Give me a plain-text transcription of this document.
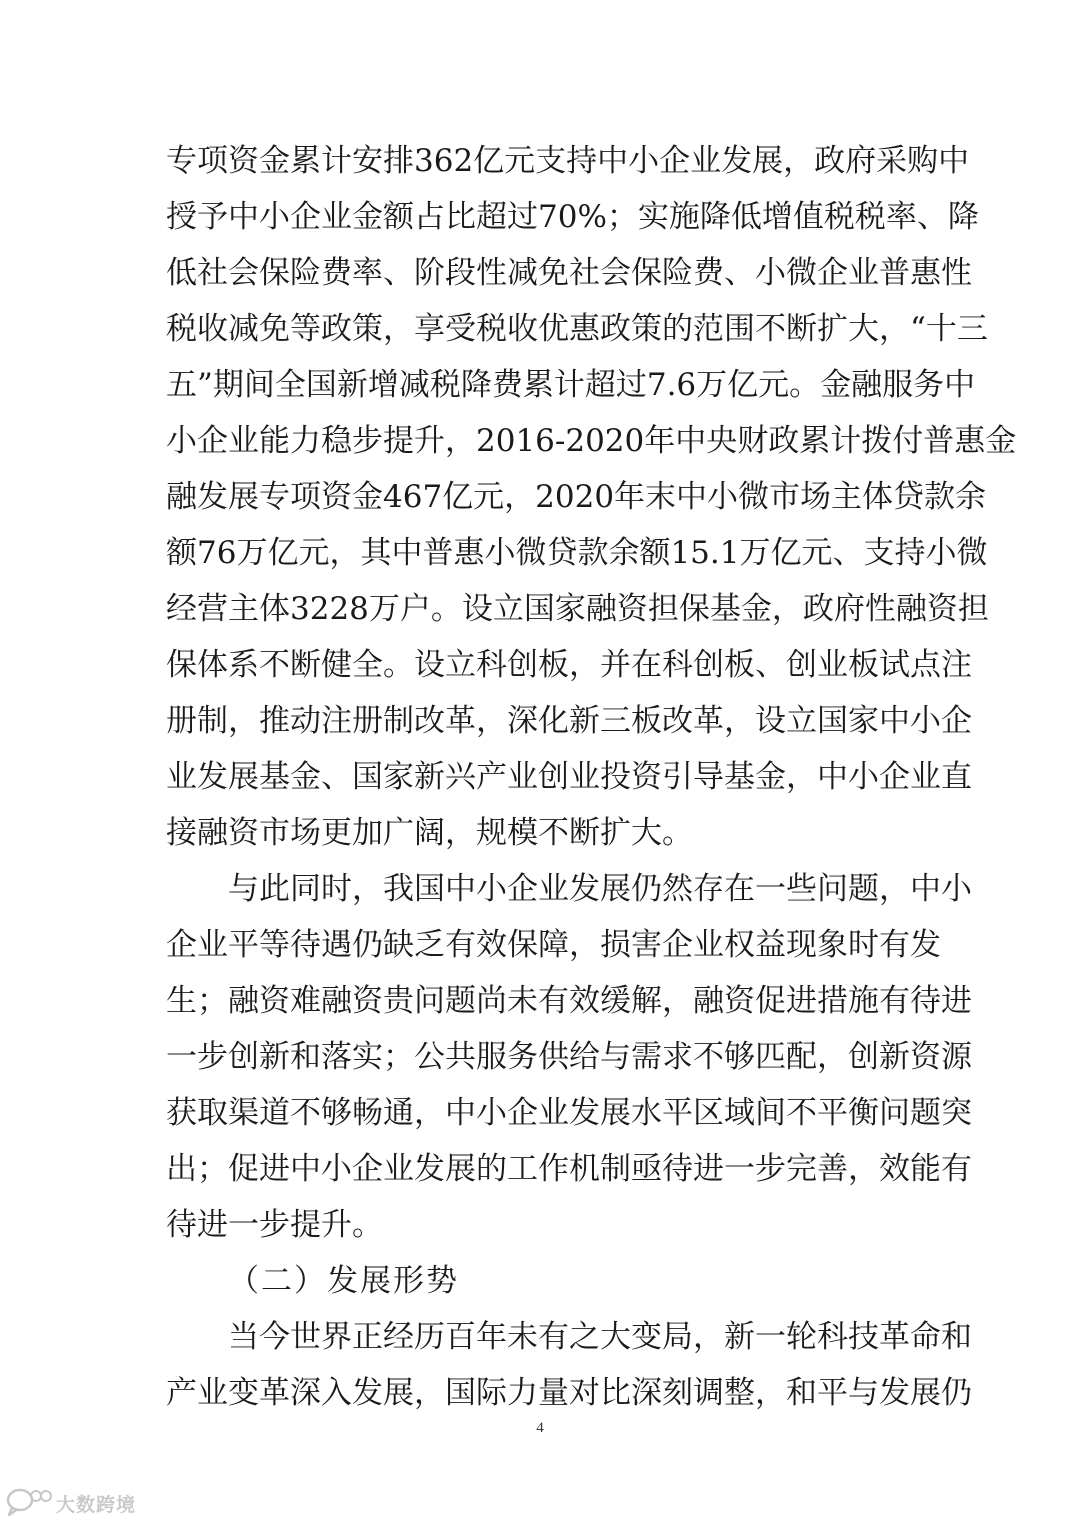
专项资金累计安排362亿元支持中小企业发展，政府采购中
授予中小企业金额占比超过70%；实施降低增值税税率、降
低社会保险费率、阶段性减免社会保险费、小微企业普惠性
税收减免等政策，享受税收优惠政策的范围不断扩大，“十三
五”期间全国新增减税降费累计超过7.6万亿元。金融服务中
小企业能力稳步提升，2016-2020年中央财政累计拨付普惠金
融发展专项资金467亿元，2020年末中小微市场主体贷款余
额76万亿元，其中普惠小微贷款余额15.1万亿元、支持小微
经营主体3228万户。设立国家融资担保基金，政府性融资担
保体系不断健全。设立科创板，并在科创板、创业板试点注
册制，推动注册制改革，深化新三板改革，设立国家中小企
业发展基金、国家新兴产业创业投资引导基金，中小企业直
接融资市场更加广阔，规模不断扩大。
与此同时，我国中小企业发展仍然存在一些问题，中小
企业平等待遇仍缺乏有效保障，损害企业权益现象时有发
生；融资难融资贵问题尚未有效缓解，融资促进措施有待进
一步创新和落实；公共服务供给与需求不够匹配，创新资源
获取渠道不够畅通，中小企业发展水平区域间不平衡问题突
出；促进中小企业发展的工作机制亟待进一步完善，效能有
待进一步提升。
（二）发展形势
当今世界正经历百年未有之大变局，新一轮科技革命和
产业变革深入发展，国际力量对比深刻调整，和平与发展仍
4
大数跨境
